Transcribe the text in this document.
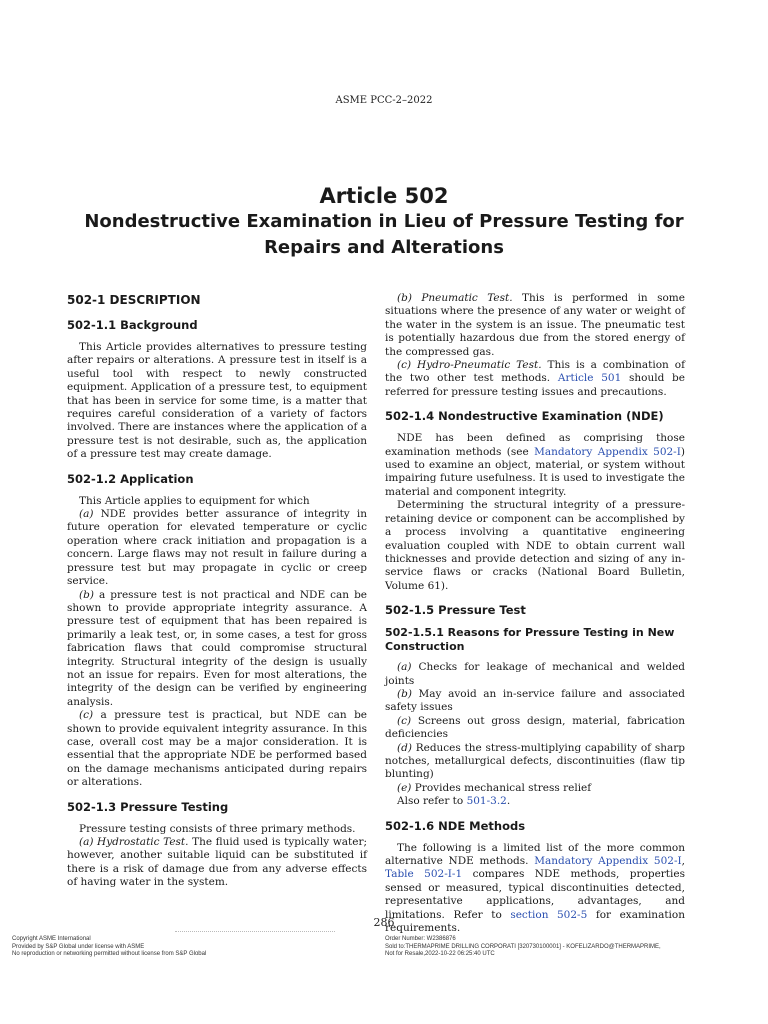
ASME PCC-2–2022
Article 502
Nondestructive Examination in Lieu of Pressure Testing for
Repairs and Alterations
502-1 DESCRIPTION
502-1.1 Background

This Article provides alternatives to pressure testing after repairs or alterations. A pressure test in itself is a useful tool with respect to newly constructed equipment. Application of a pressure test, to equipment that has been in service for some time, is a matter that requires careful consideration of a variety of factors involved. There are instances where the application of a pressure test is not desirable, such as, the application of a pressure test may create damage.

502-1.2 Application

This Article applies to equipment for which

(a) NDE provides better assurance of integrity in future operation for elevated temperature or cyclic operation where crack initiation and propagation is a concern. Large flaws may not result in failure during a pressure test but may propagate in cyclic or creep service.

(b) a pressure test is not practical and NDE can be shown to provide appropriate integrity assurance. A pressure test of equipment that has been repaired is primarily a leak test, or, in some cases, a test for gross fabrication flaws that could compromise structural integrity. Structural integrity of the design is usually not an issue for repairs. Even for most alterations, the integrity of the design can be verified by engineering analysis.

(c) a pressure test is practical, but NDE can be shown to provide equivalent integrity assurance. In this case, overall cost may be a major consideration. It is essential that the appropriate NDE be performed based on the damage mechanisms anticipated during repairs or alterations.

502-1.3 Pressure Testing

Pressure testing consists of three primary methods.

(a) Hydrostatic Test. The fluid used is typically water; however, another suitable liquid can be substituted if there is a risk of damage due from any adverse effects of having water in the system.

(b) Pneumatic Test. This is performed in some situations where the presence of any water or weight of the water in the system is an issue. The pneumatic test is potentially hazardous due from the stored energy of the compressed gas.

(c) Hydro-Pneumatic Test. This is a combination of the two other test methods. Article 501 should be referred for pressure testing issues and precautions.

502-1.4 Nondestructive Examination (NDE)

NDE has been defined as comprising those examination methods (see Mandatory Appendix 502-I) used to examine an object, material, or system without impairing future usefulness. It is used to investigate the material and component integrity.

Determining the structural integrity of a pressure-retaining device or component can be accomplished by a process involving a quantitative engineering evaluation coupled with NDE to obtain current wall thicknesses and provide detection and sizing of any in-service flaws or cracks (National Board Bulletin, Volume 61).

502-1.5 Pressure Test
502-1.5.1 Reasons for Pressure Testing in New Construction

(a) Checks for leakage of mechanical and welded joints

(b) May avoid an in-service failure and associated safety issues

(c) Screens out gross design, material, fabrication deficiencies

(d) Reduces the stress-multiplying capability of sharp notches, metallurgical defects, discontinuities (flaw tip blunting)

(e) Provides mechanical stress relief

Also refer to 501-3.2.

502-1.6 NDE Methods

The following is a limited list of the more common alternative NDE methods. Mandatory Appendix 502-I, Table 502-I-1 compares NDE methods, properties sensed or measured, typical discontinuities detected, representative applications, advantages, and limitations. Refer to section 502-5 for examination requirements.

286
Copyright ASME International
Provided by S&P Global under license with ASME
No reproduction or networking permitted without license from S&P Global
Order Number: W2386876
Sold to:THERMAPRIME DRILLING CORPORATI [320730100001] - KOFELIZARDO@THERMAPRIME,
Not for Resale,2022-10-22 06:25:40 UTC
